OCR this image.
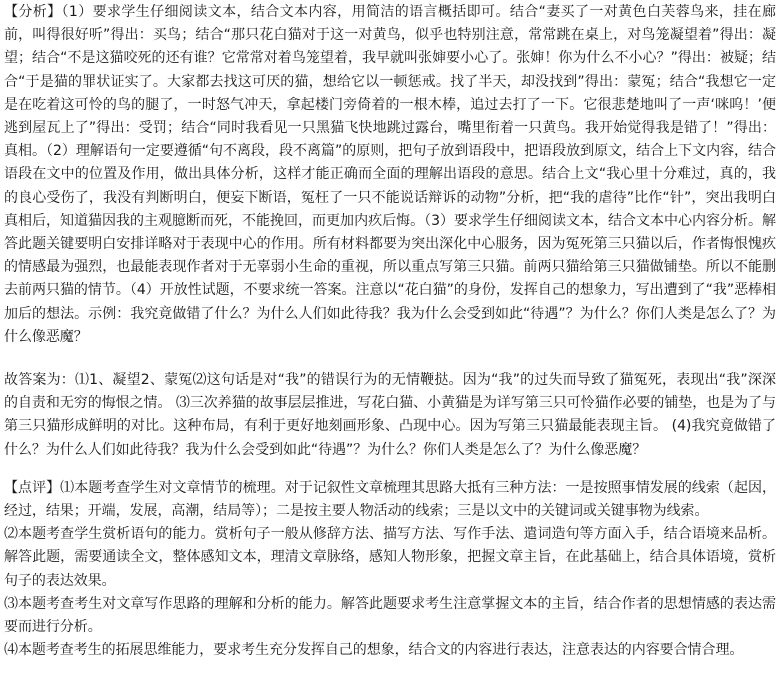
【分析】（1）要求学生仔细阅读文本，结合文本内容，用简洁的语言概括即可。结合“妻买了一对黄色白芙蓉鸟来，挂在廊前，叫得很好听”得出：买鸟；结合“那只花白猫对于这一对黄鸟，似乎也特别注意，常常跳在桌上，对鸟笼凝望着”得出：凝望；结合“不是这猫咬死的还有谁？它常常对着鸟笼望着，我早就叫张婶要小心了。张婶！你为什么不小心？”得出：被疑；结合“于是猫的罪状证实了。大家都去找这可厌的猫，想给它以一顿惩戒。找了半天，却没找到”得出：蒙冤；结合“我想它一定是在吃着这可怜的鸟的腿了，一时怒气冲天，拿起楼门旁倚着的一根木棒，追过去打了一下。它很悲楚地叫了一声‘咪呜！’便逃到屋瓦上了”得出：受罚；结合“同时我看见一只黑猫飞快地跳过露台，嘴里衔着一只黄鸟。我开始觉得我是错了！”得出：真相。（2）理解语句一定要遵循“句不离段，段不离篇”的原则，把句子放到语段中，把语段放到原文，结合上下文内容，结合语段在文中的位置及作用，做出具体分析，这样才能正确而全面的理解出语段的意思。结合上文“我心里十分难过，真的，我的良心受伤了，我没有判断明白，便妄下断语，冤枉了一只不能说话辩诉的动物”分析，把“我的虐待”比作“针”，突出我明白真相后，知道猫因我的主观臆断而死，不能挽回，而更加内疚后悔。（3）要求学生仔细阅读文本，结合文本中心内容分析。解答此题关键要明白安排详略对于表现中心的作用。所有材料都要为突出深化中心服务，因为冤死第三只猫以后，作者悔恨愧疚的情感最为强烈，也最能表现作者对于无辜弱小生命的重视，所以重点写第三只猫。前两只猫给第三只猫做铺垫。所以不能删去前两只猫的情节。（4）开放性试题，不要求统一答案。注意以“花白猫”的身份，发挥自己的想象力，写出遭到了“我”恶棒相加后的想法。示例：我究竟做错了什么？为什么人们如此待我？我为什么会受到如此“待遇”？为什么？你们人类是怎么了？为什么像恶魔？

故答案为：⑴1、凝望2、蒙冤⑵这句话是对“我”的错误行为的无情鞭挞。因为“我”的过失而导致了猫冤死，表现出“我”深深的自责和无穷的悔恨之情。 ⑶三次养猫的故事层层推进，写花白猫、小黄猫是为详写第三只可怜猫作必要的铺垫，也是为了与第三只猫形成鲜明的对比。这种布局，有利于更好地刻画形象、凸现中心。因为写第三只猫最能表现主旨。 (4)我究竟做错了什么？为什么人们如此待我？我为什么会受到如此“待遇”？为什么？你们人类是怎么了？为什么像恶魔？

【点评】⑴本题考查学生对文章情节的梳理。对于记叙性文章梳理其思路大抵有三种方法：一是按照事情发展的线索（起因，经过，结果；开端，发展，高潮，结局等）；二是按主要人物活动的线索；三是以文中的关键词或关键事物为线索。

⑵本题考查学生赏析语句的能力。赏析句子一般从修辞方法、描写方法、写作手法、遣词造句等方面入手，结合语境来品析。解答此题，需要通读全文，整体感知文本，理清文章脉络，感知人物形象，把握文章主旨，在此基础上，结合具体语境，赏析句子的表达效果。

⑶本题考查考生对文章写作思路的理解和分析的能力。解答此题要求考生注意掌握文本的主旨，结合作者的思想情感的表达需要而进行分析。

⑷本题考查考生的拓展思维能力，要求考生充分发挥自己的想象，结合文的内容进行表达，注意表达的内容要合情合理。
